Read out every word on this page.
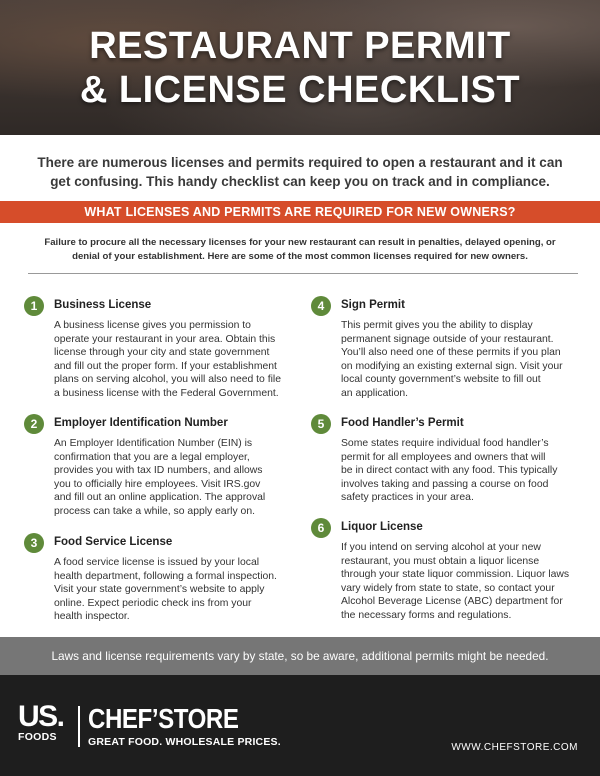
RESTAURANT PERMIT
& LICENSE CHECKLIST

There are numerous licenses and permits required to open a restaurant and it can get confusing. This handy checklist can keep you on track and in compliance.

WHAT LICENSES AND PERMITS ARE REQUIRED FOR NEW OWNERS?

Failure to procure all the necessary licenses for your new restaurant can result in penalties, delayed opening, or denial of your establishment. Here are some of the most common licenses required for new owners.

1	Business License
A business license gives you permission to
operate your restaurant in your area. Obtain this
license through your city and state government
and fill out the proper form. If your establishment
plans on serving alcohol, you will also need to file
a business license with the Federal Government.
2	Employer Identification Number
An Employer Identification Number (EIN) is
confirmation that you are a legal employer,
provides you with tax ID numbers, and allows
you to officially hire employees. Visit IRS.gov
and fill out an online application. The approval
process can take a while, so apply early on.
3	Food Service License
A food service license is issued by your local
health department, following a formal inspection.
Visit your state government’s website to apply
online. Expect periodic check ins from your
health inspector.
4	Sign Permit
This permit gives you the ability to display
permanent signage outside of your restaurant.
You’ll also need one of these permits if you plan
on modifying an existing external sign. Visit your
local county government’s website to fill out
an application.
5	Food Handler’s Permit
Some states require individual food handler’s
permit for all employees and owners that will
be in direct contact with any food. This typically
involves taking and passing a course on food
safety practices in your area.
6	Liquor License
If you intend on serving alcohol at your new
restaurant, you must obtain a liquor license
through your state liquor commission. Liquor laws
vary widely from state to state, so contact your
Alcohol Beverage License (ABC) department for
the necessary forms and regulations.
Laws and license requirements vary by state, so be aware, additional permits might be needed.
US.
FOODS
CHEF’STORE
GREAT FOOD. WHOLESALE PRICES.	WWW.CHEFSTORE.COM
